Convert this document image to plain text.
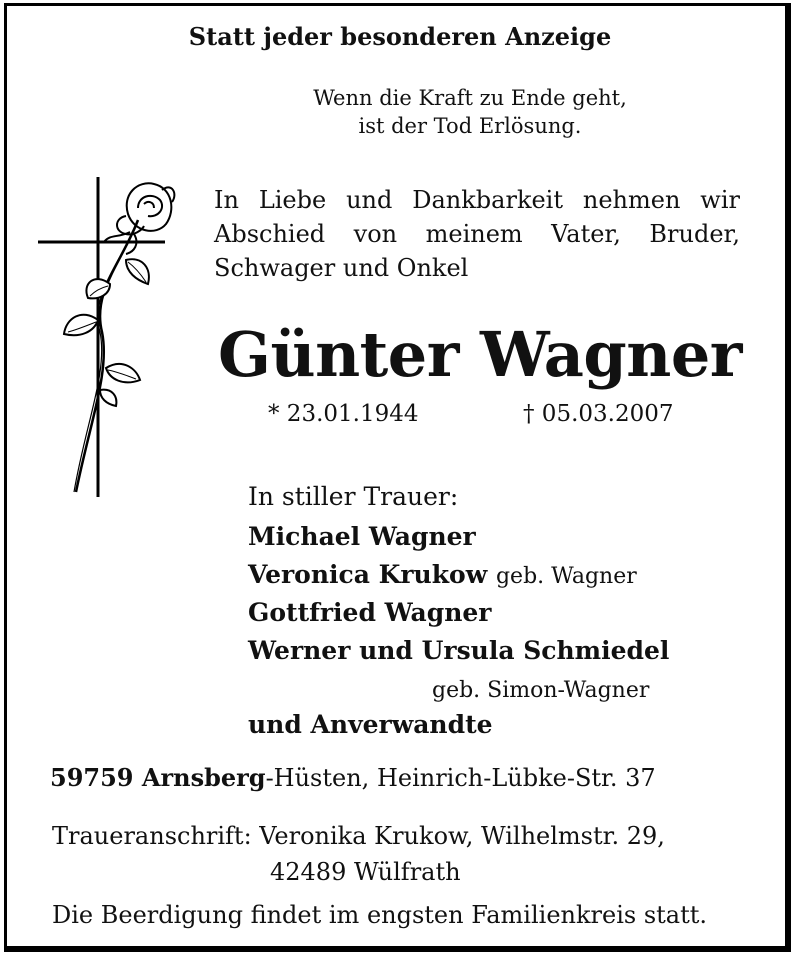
Statt jeder besonderen Anzeige
Wenn die Kraft zu Ende geht,
ist der Tod Erlösung.
In Liebe und Dankbarkeit nehmen wir
Abschied von meinem Vater, Bruder,
Schwager und Onkel
Günter Wagner
* 23.01.1944	† 05.03.2007
In stiller Trauer:
Michael Wagner
Veronica Krukow geb. Wagner
Gottfried Wagner
Werner und Ursula Schmiedel
geb. Simon-Wagner
und Anverwandte
59759 Arnsberg-Hüsten, Heinrich-Lübke-Str. 37
Traueranschrift: Veronika Krukow, Wilhelmstr. 29,
42489 Wülfrath
Die Beerdigung findet im engsten Familienkreis statt.
